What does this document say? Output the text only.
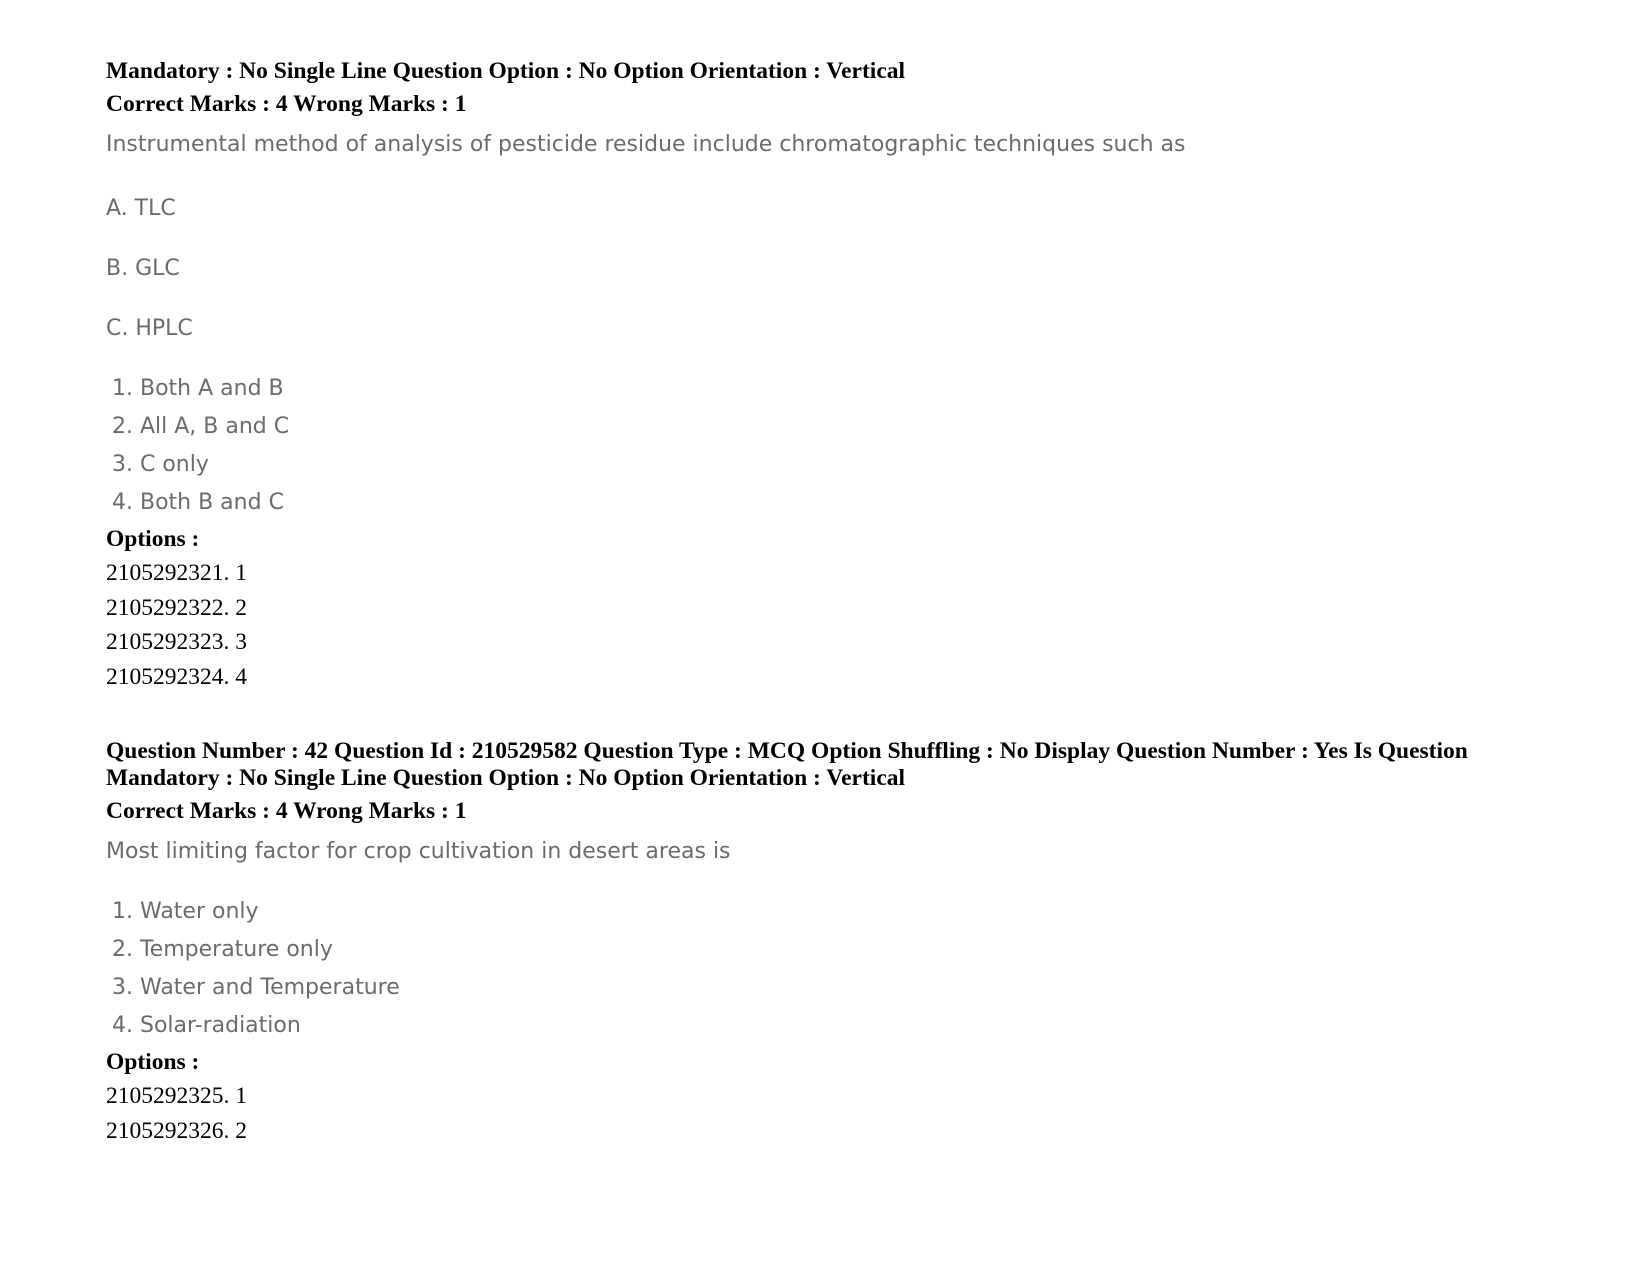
Mandatory : No Single Line Question Option : No Option Orientation : Vertical
Correct Marks : 4 Wrong Marks : 1
Instrumental method of analysis of pesticide residue include chromatographic techniques such as
A. TLC
B. GLC
C. HPLC
1. Both A and B
2. All A, B and C
3. C only
4. Both B and C
Options :
2105292321. 1
2105292322. 2
2105292323. 3
2105292324. 4
Question Number : 42 Question Id : 210529582 Question Type : MCQ Option Shuffling : No Display Question Number : Yes Is Question
Mandatory : No Single Line Question Option : No Option Orientation : Vertical
Correct Marks : 4 Wrong Marks : 1
Most limiting factor for crop cultivation in desert areas is
1. Water only
2. Temperature only
3. Water and Temperature
4. Solar-radiation
Options :
2105292325. 1
2105292326. 2
